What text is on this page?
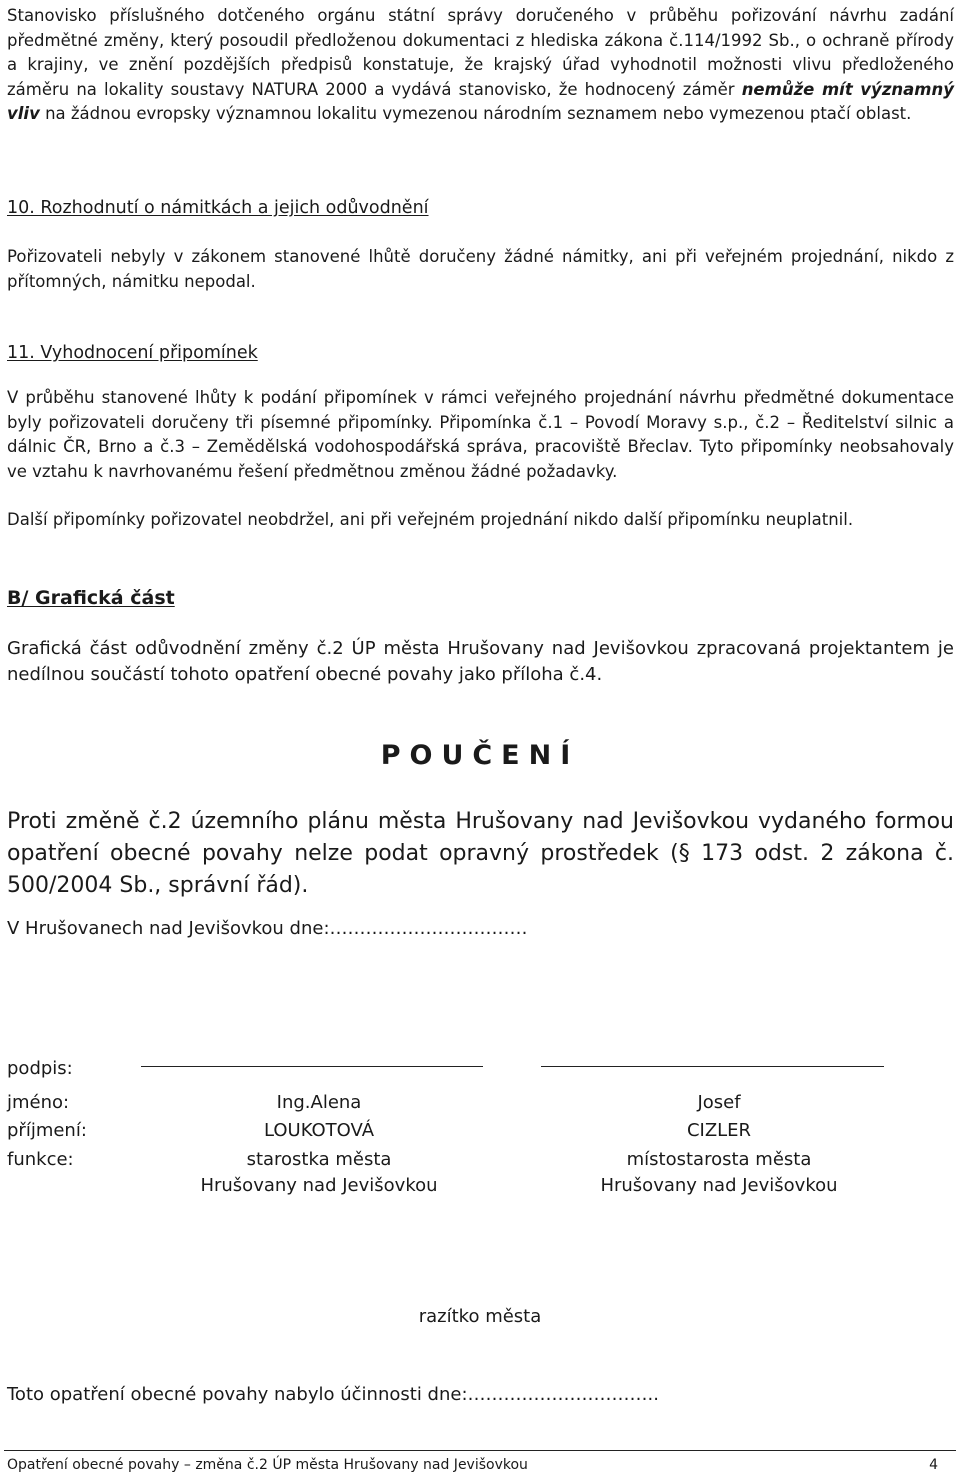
Stanovisko příslušného dotčeného orgánu státní správy doručeného v průběhu pořizování návrhu zadání předmětné změny, který posoudil předloženou dokumentaci z hlediska zákona č.114/1992 Sb., o ochraně přírody a krajiny, ve znění pozdějších předpisů konstatuje, že krajský úřad vyhodnotil možnosti vlivu předloženého záměru na lokality soustavy NATURA 2000 a vydává stanovisko, že hodnocený záměr nemůže mít významný vliv na žádnou evropsky významnou lokalitu vymezenou národním seznamem nebo vymezenou ptačí oblast.
10. Rozhodnutí o námitkách a jejich odůvodnění
Pořizovateli nebyly v zákonem stanovené lhůtě doručeny žádné námitky, ani při veřejném projednání, nikdo z přítomných, námitku nepodal.
11. Vyhodnocení připomínek
V průběhu stanovené lhůty k podání připomínek v rámci veřejného projednání návrhu předmětné dokumentace byly pořizovateli doručeny tři písemné připomínky. Připomínka č.1 – Povodí Moravy s.p., č.2 – Ředitelství silnic a dálnic ČR, Brno a č.3 – Zemědělská vodohospodářská správa, pracoviště Břeclav. Tyto připomínky neobsahovaly ve vztahu k navrhovanému řešení předmětnou změnou žádné požadavky.
Další připomínky pořizovatel neobdržel, ani při veřejném projednání nikdo další připomínku neuplatnil.
B/ Grafická část
Grafická část odůvodnění změny č.2 ÚP města Hrušovany nad Jevišovkou zpracovaná projektantem je nedílnou součástí tohoto opatření obecné povahy jako příloha č.4.
POUČENÍ
Proti změně č.2 územního plánu města Hrušovany nad Jevišovkou vydaného formou opatření obecné povahy nelze podat opravný prostředek (§ 173 odst. 2 zákona č. 500/2004 Sb., správní řád).
V Hrušovanech nad Jevišovkou dne:……………………………
podpis:
jméno:	Ing.Alena	Josef
příjmení:	LOUKOTOVÁ	CIZLER
funkce:	starostka města	místostarosta města
Hrušovany nad Jevišovkou	Hrušovany nad Jevišovkou
razítko města
Toto opatření obecné povahy nabylo účinnosti dne:…………………………..
Opatření obecné povahy – změna č.2 ÚP města Hrušovany nad Jevišovkou	4
